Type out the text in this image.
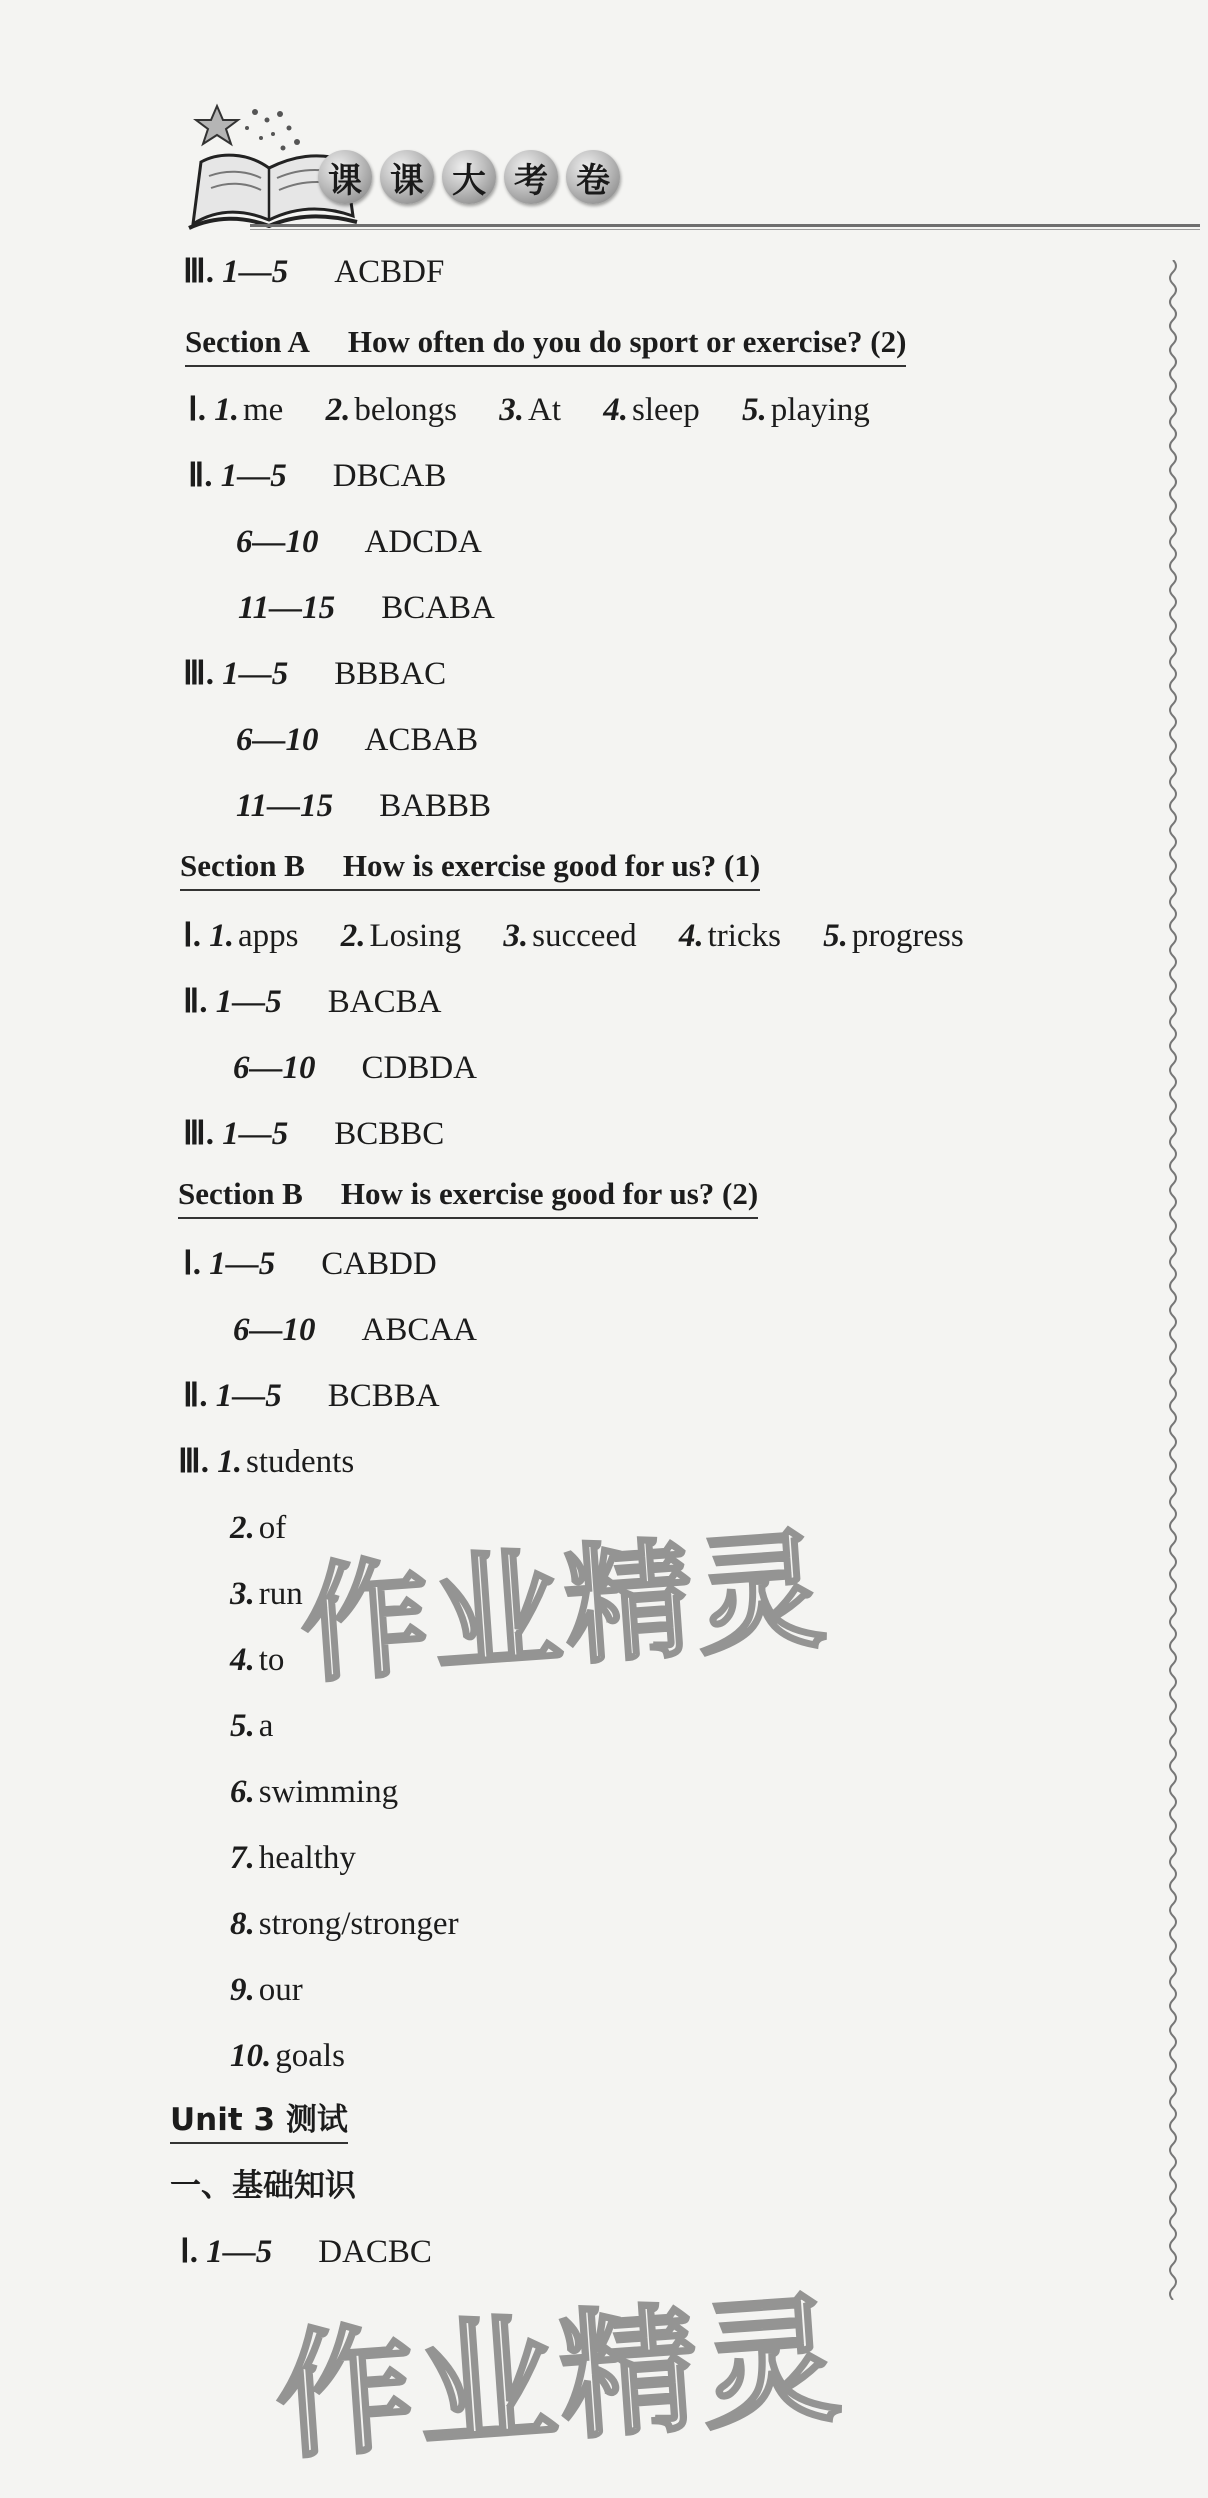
课 课 大 考 卷
Ⅲ. 1—5 ACBDF
Section A How often do you do sport or exercise? (2)
Ⅰ. 1. me 2. belongs 3. At 4. sleep 5. playing
Ⅱ. 1—5 DBCAB
6—10 ADCDA
11—15 BCABA
Ⅲ. 1—5 BBBAC
6—10 ACBAB
11—15 BABBB
Section B How is exercise good for us? (1)
Ⅰ. 1. apps 2. Losing 3. succeed 4. tricks 5. progress
Ⅱ. 1—5 BACBA
6—10 CDBDA
Ⅲ. 1—5 BCBBC
Section B How is exercise good for us? (2)
Ⅰ. 1—5 CABDD
6—10 ABCAA
Ⅱ. 1—5 BCBBA
Ⅲ. 1. students
2. of
3. run
4. to
5. a
6. swimming
7. healthy
8. strong/stronger
9. our
10. goals
Unit 3 测试
一、基础知识
Ⅰ. 1—5 DACBC
作业精灵
作业精灵
